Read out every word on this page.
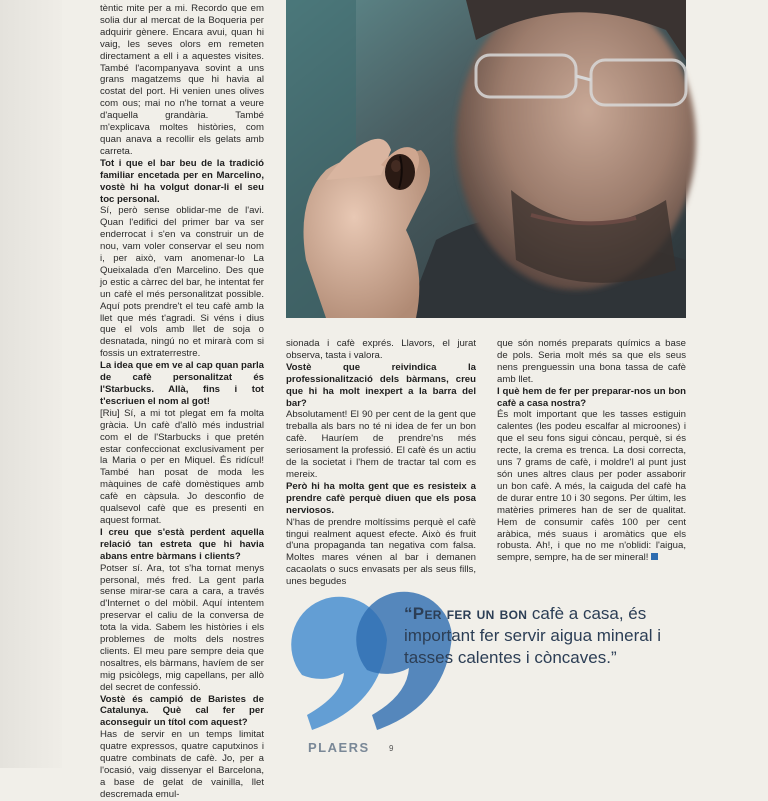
tèntic mite per a mi. Recordo que em solia dur al mercat de la Boqueria per adquirir gènere. Encara avui, quan hi vaig, les seves olors em remeten directament a ell i a aquestes visites. També l'acompanyava sovint a uns grans magatzems que hi havia al costat del port. Hi venien unes olives com ous; mai no n'he tornat a veure d'aquella grandària. També m'explicava moltes històries, com quan anava a recollir els gelats amb carreta.

Tot i que el bar beu de la tradició familiar encetada per en Marcelino, vostè hi ha volgut donar-li el seu toc personal.

Sí, però sense oblidar-me de l'avi. Quan l'edifici del primer bar va ser enderrocat i s'en va construir un de nou, vam voler conservar el seu nom i, per això, vam anomenar-lo La Queixalada d'en Marcelino. Des que jo estic a càrrec del bar, he intentat fer un cafè el més personalitzat possible. Aquí pots prendre't el teu cafè amb la llet que més t'agradi. Si véns i dius que el vols amb llet de soja o desnatada, ningú no et mirarà com si fossis un extraterrestre.

La idea que em ve al cap quan parla de cafè personalitzat és l'Starbucks. Allà, fins i tot t'escriuen el nom al got!

[Riu] Sí, a mi tot plegat em fa molta gràcia. Un cafè d'allò més industrial com el de l'Starbucks i que pretén estar confeccionat exclusivament per la Maria o per en Miquel. És ridícul! També han posat de moda les màquines de cafè domèstiques amb cafè en càpsula. Jo desconfio de qualsevol cafè que es presenti en aquest format.

I creu que s'està perdent aquella relació tan estreta que hi havia abans entre bàrmans i clients?

Potser sí. Ara, tot s'ha tornat menys personal, més fred. La gent parla sense mirar-se cara a cara, a través d'Internet o del mòbil. Aquí intentem preservar el caliu de la conversa de tota la vida. Sabem les històries i els problemes de molts dels nostres clients. El meu pare sempre deia que nosaltres, els bàrmans, havíem de ser mig psicòlegs, mig capellans, per allò del secret de confessió.

Vostè és campió de Baristes de Catalunya. Què cal fer per aconseguir un títol com aquest?

Has de servir en un temps limitat quatre expressos, quatre caputxinos i quatre combinats de cafè. Jo, per a l'ocasió, vaig dissenyar el Barcelona, a base de gelat de vainilla, llet descremada emul-

sionada i cafè exprés. Llavors, el jurat observa, tasta i valora.

Vostè que reivindica la professionalització dels bàrmans, creu que hi ha molt inexpert a la barra del bar?

Absolutament! El 90 per cent de la gent que treballa als bars no té ni idea de fer un bon cafè. Hauríem de prendre'ns més seriosament la professió. El cafè és un actiu de la societat i l'hem de tractar tal com es mereix.

Però hi ha molta gent que es resisteix a prendre cafè perquè diuen que els posa nerviosos.

N'has de prendre moltíssims perquè el cafè tingui realment aquest efecte. Això és fruit d'una propaganda tan negativa com falsa. Moltes mares vénen al bar i demanen cacaolats o sucs envasats per als seus fills, unes begudes

que són només preparats químics a base de pols. Seria molt més sa que els seus nens prenguessin una bona tassa de cafè amb llet.

I què hem de fer per preparar-nos un bon cafè a casa nostra?

És molt important que les tasses estiguin calentes (les podeu escalfar al microones) i que el seu fons sigui còncau, perquè, si és recte, la crema es trenca. La dosi correcta, uns 7 grams de cafè, i moldre'l al punt just són unes altres claus per poder assaborir un bon cafè. A més, la caiguda del cafè ha de durar entre 10 i 30 segons. Per últim, les matèries primeres han de ser de qualitat. Hem de consumir cafès 100 per cent aràbica, més suaus i aromàtics que els robusta. Ah!, i que no me n'oblidi: l'aigua, sempre, sempre, ha de ser mineral!

“Per fer un bon cafè a casa, és important fer servir aigua mineral i tasses calentes i còncaves.”
PLAERS 9
